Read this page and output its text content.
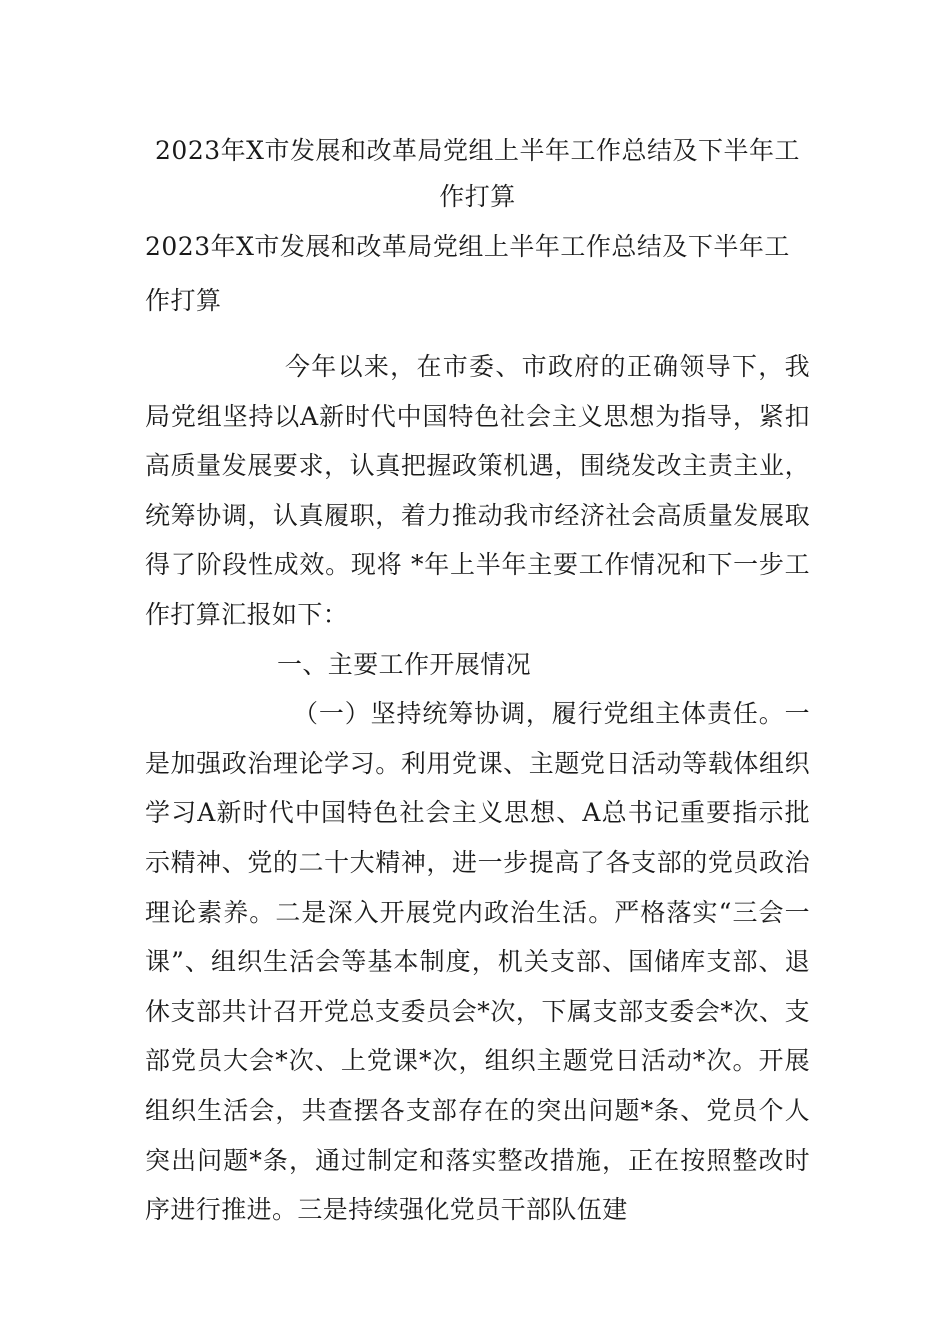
2023年X市发展和改革局党组上半年工作总结及下半年工
作打算
2023年X市发展和改革局党组上半年工作总结及下半年工作打算

今年以来，在市委、市政府的正确领导下，我局党组坚持以A新时代中国特色社会主义思想为指导，紧扣高质量发展要求，认真把握政策机遇，围绕发改主责主业，统筹协调，认真履职，着力推动我市经济社会高质量发展取得了阶段性成效。现将 *年上半年主要工作情况和下一步工作打算汇报如下：

一、主要工作开展情况

（一）坚持统筹协调，履行党组主体责任。一是加强政治理论学习。利用党课、主题党日活动等载体组织学习A新时代中国特色社会主义思想、A总书记重要指示批示精神、党的二十大精神，进一步提高了各支部的党员政治理论素养。二是深入开展党内政治生活。严格落实“三会一课”、组织生活会等基本制度，机关支部、国储库支部、退休支部共计召开党总支委员会*次，下属支部支委会*次、支部党员大会*次、上党课*次，组织主题党日活动*次。开展组织生活会，共查摆各支部存在的突出问题*条、党员个人突出问题*条，通过制定和落实整改措施，正在按照整改时序进行推进。三是持续强化党员干部队伍建
